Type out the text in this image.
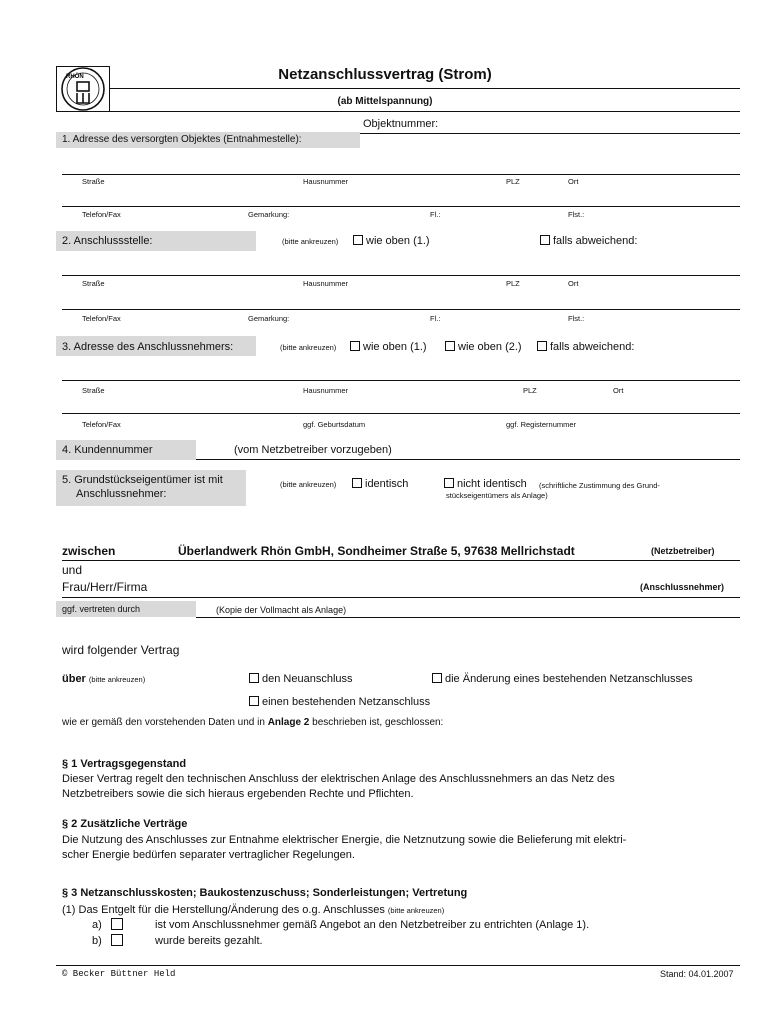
RHÖN	Netzanschlussvertrag (Strom)
(ab Mittelspannung)
Objektnummer:
1. Adresse des versorgten Objektes (Entnahmestelle):
Straße	Hausnummer	PLZ	Ort
Telefon/Fax	Gemarkung:	Fl.:	Flst.:
2. Anschlussstelle:	(bitte ankreuzen)	wie oben (1.)	falls abweichend:
Straße	Hausnummer	PLZ	Ort
Telefon/Fax	Gemarkung:	Fl.:	Flst.:
3. Adresse des Anschlussnehmers:	(bitte ankreuzen)	wie oben (1.)	wie oben (2.)	falls abweichend:
Straße	Hausnummer	PLZ	Ort
Telefon/Fax	ggf. Geburtsdatum	ggf. Registernummer
4. Kundennummer	(vom Netzbetreiber vorzugeben)
5. Grundstückseigentümer ist mit
Anschlussnehmer:
(bitte ankreuzen)	identisch	nicht identisch (schriftliche Zustimmung des Grund-
stückseigentümers als Anlage)
zwischen	Überlandwerk Rhön GmbH, Sondheimer Straße 5, 97638 Mellrichstadt	(Netzbetreiber)
und
Frau/Herr/Firma	(Anschlussnehmer)
ggf. vertreten durch	(Kopie der Vollmacht als Anlage)
wird folgender Vertrag
über (bitte ankreuzen)	den Neuanschluss	die Änderung eines bestehenden Netzanschlusses
einen bestehenden Netzanschluss
wie er gemäß den vorstehenden Daten und in Anlage 2 beschrieben ist, geschlossen:
§ 1 Vertragsgegenstand
Dieser Vertrag regelt den technischen Anschluss der elektrischen Anlage des Anschlussnehmers an das Netz des
Netzbetreibers sowie die sich hieraus ergebenden Rechte und Pflichten.
§ 2 Zusätzliche Verträge
Die Nutzung des Anschlusses zur Entnahme elektrischer Energie, die Netznutzung sowie die Belieferung mit elektri-
scher Energie bedürfen separater vertraglicher Regelungen.
§ 3 Netzanschlusskosten; Baukostenzuschuss; Sonderleistungen; Vertretung
(1) Das Entgelt für die Herstellung/Änderung des o.g. Anschlusses (bitte ankreuzen)
a)	ist vom Anschlussnehmer gemäß Angebot an den Netzbetreiber zu entrichten (Anlage 1).
b)	wurde bereits gezahlt.
© Becker Büttner Held	Stand: 04.01.2007
